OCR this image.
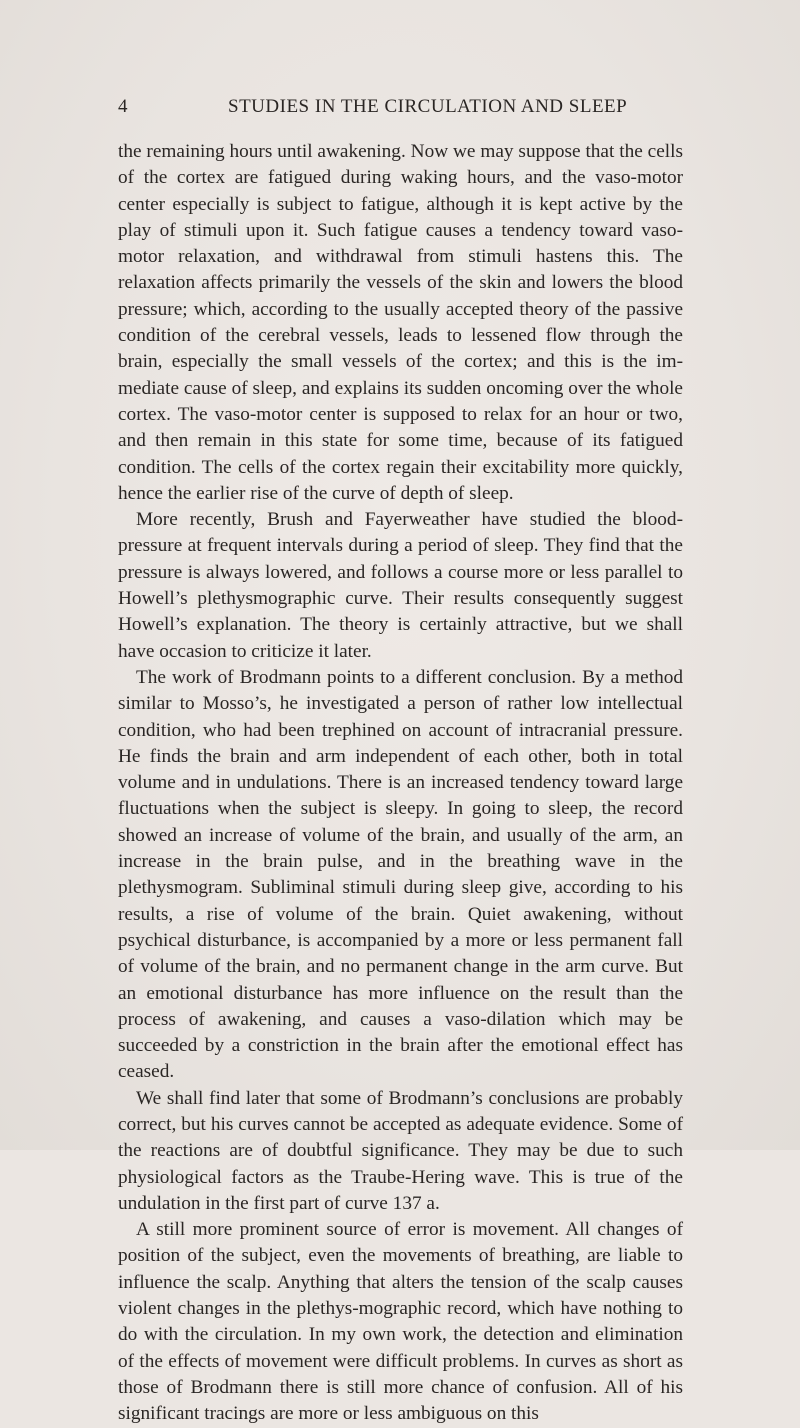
4	STUDIES IN THE CIRCULATION AND SLEEP

the remaining hours until awakening. Now we may suppose that the cells of the cortex are fatigued during waking hours, and the vaso-motor center especially is subject to fatigue, although it is kept active by the play of stimuli upon it. Such fatigue causes a tendency toward vaso-motor relaxation, and withdrawal from stimuli hastens this. The relaxation affects primarily the vessels of the skin and lowers the blood pressure; which, according to the usually accepted theory of the passive condition of the cerebral vessels, leads to lessened flow through the brain, especially the small vessels of the cortex; and this is the im-mediate cause of sleep, and explains its sudden oncoming over the whole cortex. The vaso-motor center is supposed to relax for an hour or two, and then remain in this state for some time, because of its fatigued condition. The cells of the cortex regain their excitability more quickly, hence the earlier rise of the curve of depth of sleep.

More recently, Brush and Fayerweather have studied the blood-pressure at frequent intervals during a period of sleep. They find that the pressure is always lowered, and follows a course more or less parallel to Howell’s plethysmographic curve. Their results consequently suggest Howell’s explanation. The theory is certainly attractive, but we shall have occasion to criticize it later.

The work of Brodmann points to a different conclusion. By a method similar to Mosso’s, he investigated a person of rather low intellectual condition, who had been trephined on account of intracranial pressure. He finds the brain and arm independent of each other, both in total volume and in undulations. There is an increased tendency toward large fluctuations when the subject is sleepy. In going to sleep, the record showed an increase of volume of the brain, and usually of the arm, an increase in the brain pulse, and in the breathing wave in the plethysmogram. Subliminal stimuli during sleep give, according to his results, a rise of volume of the brain. Quiet awakening, without psychical disturbance, is accompanied by a more or less permanent fall of volume of the brain, and no permanent change in the arm curve. But an emotional disturbance has more influence on the result than the process of awakening, and causes a vaso-dilation which may be succeeded by a constriction in the brain after the emotional effect has ceased.

We shall find later that some of Brodmann’s conclusions are probably correct, but his curves cannot be accepted as adequate evidence. Some of the reactions are of doubtful significance. They may be due to such physiological factors as the Traube-Hering wave. This is true of the undulation in the first part of curve 137 a.

A still more prominent source of error is movement. All changes of position of the subject, even the movements of breathing, are liable to influence the scalp. Anything that alters the tension of the scalp causes violent changes in the plethys-mographic record, which have nothing to do with the circulation. In my own work, the detection and elimination of the effects of movement were difficult problems. In curves as short as those of Brodmann there is still more chance of confusion. All of his significant tracings are more or less ambiguous on this
